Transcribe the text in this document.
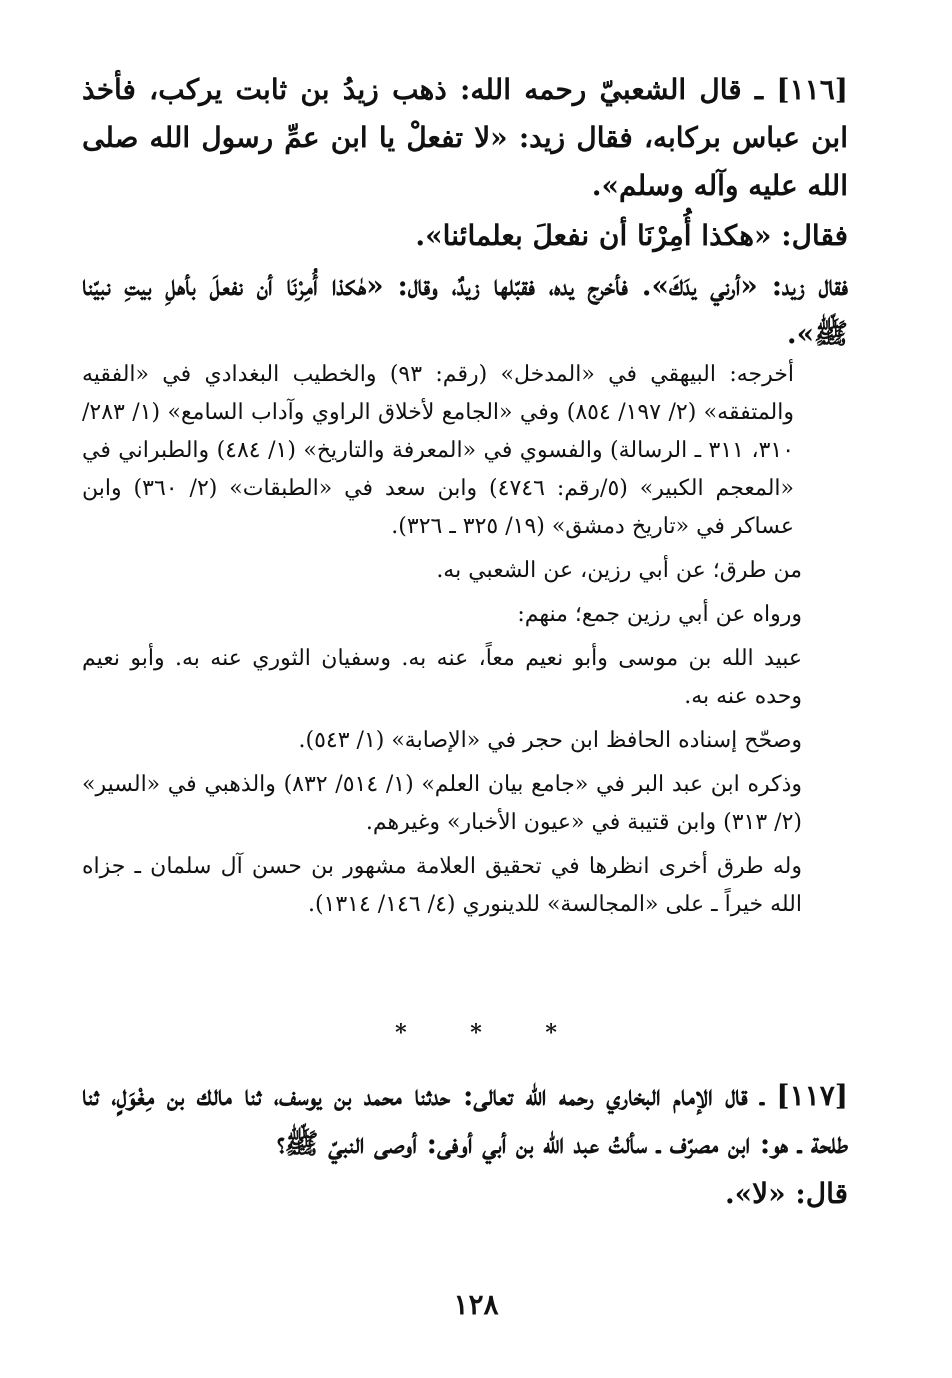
[١١٦] ـ قال الشعبيّ رحمه الله: ذهب زيدُ بن ثابت يركب، فأخذ ابن عباس بركابه، فقال زيد: «لا تفعلْ يا ابن عمِّ رسول الله صلى الله عليه وآله وسلم».

فقال: «هكذا أُمِرْنَا أن نفعلَ بعلمائنا».

فقال زيد: «أرني يدَكَ». فأخرج يده، فقبّلها زيدٌ، وقال: «هٰكذا أُمِرْنَا أن نفعلَ بأهلِ بيتِ نبيّنا ﷺ».

أخرجه: البيهقي في «المدخل» (رقم: ٩٣) والخطيب البغدادي في «الفقيه والمتفقه» (٢/ ١٩٧/ ٨٥٤) وفي «الجامع لأخلاق الراوي وآداب السامع» (١/ ٢٨٣/ ٣١٠، ٣١١ ـ الرسالة) والفسوي في «المعرفة والتاريخ» (١/ ٤٨٤) والطبراني في «المعجم الكبير» (٥/رقم: ٤٧٤٦) وابن سعد في «الطبقات» (٢/ ٣٦٠) وابن عساكر في «تاريخ دمشق» (١٩/ ٣٢٥ ـ ٣٢٦).

من طرق؛ عن أبي رزين، عن الشعبي به.

ورواه عن أبي رزين جمع؛ منهم:

عبيد الله بن موسى وأبو نعيم معاً، عنه به. وسفيان الثوري عنه به. وأبو نعيم وحده عنه به.

وصحّح إسناده الحافظ ابن حجر في «الإصابة» (١/ ٥٤٣).

وذكره ابن عبد البر في «جامع بيان العلم» (١/ ٥١٤/ ٨٣٢) والذهبي في «السير» (٢/ ٣١٣) وابن قتيبة في «عيون الأخبار» وغيرهم.

وله طرق أخرى انظرها في تحقيق العلامة مشهور بن حسن آل سلمان ـ جزاه الله خيراً ـ على «المجالسة» للدينوري (٤/ ١٤٦/ ١٣١٤).

* * *

[١١٧] ـ قال الإمام البخاري رحمه الله تعالى: حدثنا محمد بن يوسف، ثنا مالك بن مِغْوَلٍ، ثنا طلحة ـ هو: ابن مصرّف ـ سألتُ عبد الله بن أبي أوفى: أوصى النبيّ ﷺ؟

قال: «لا».

١٢٨
